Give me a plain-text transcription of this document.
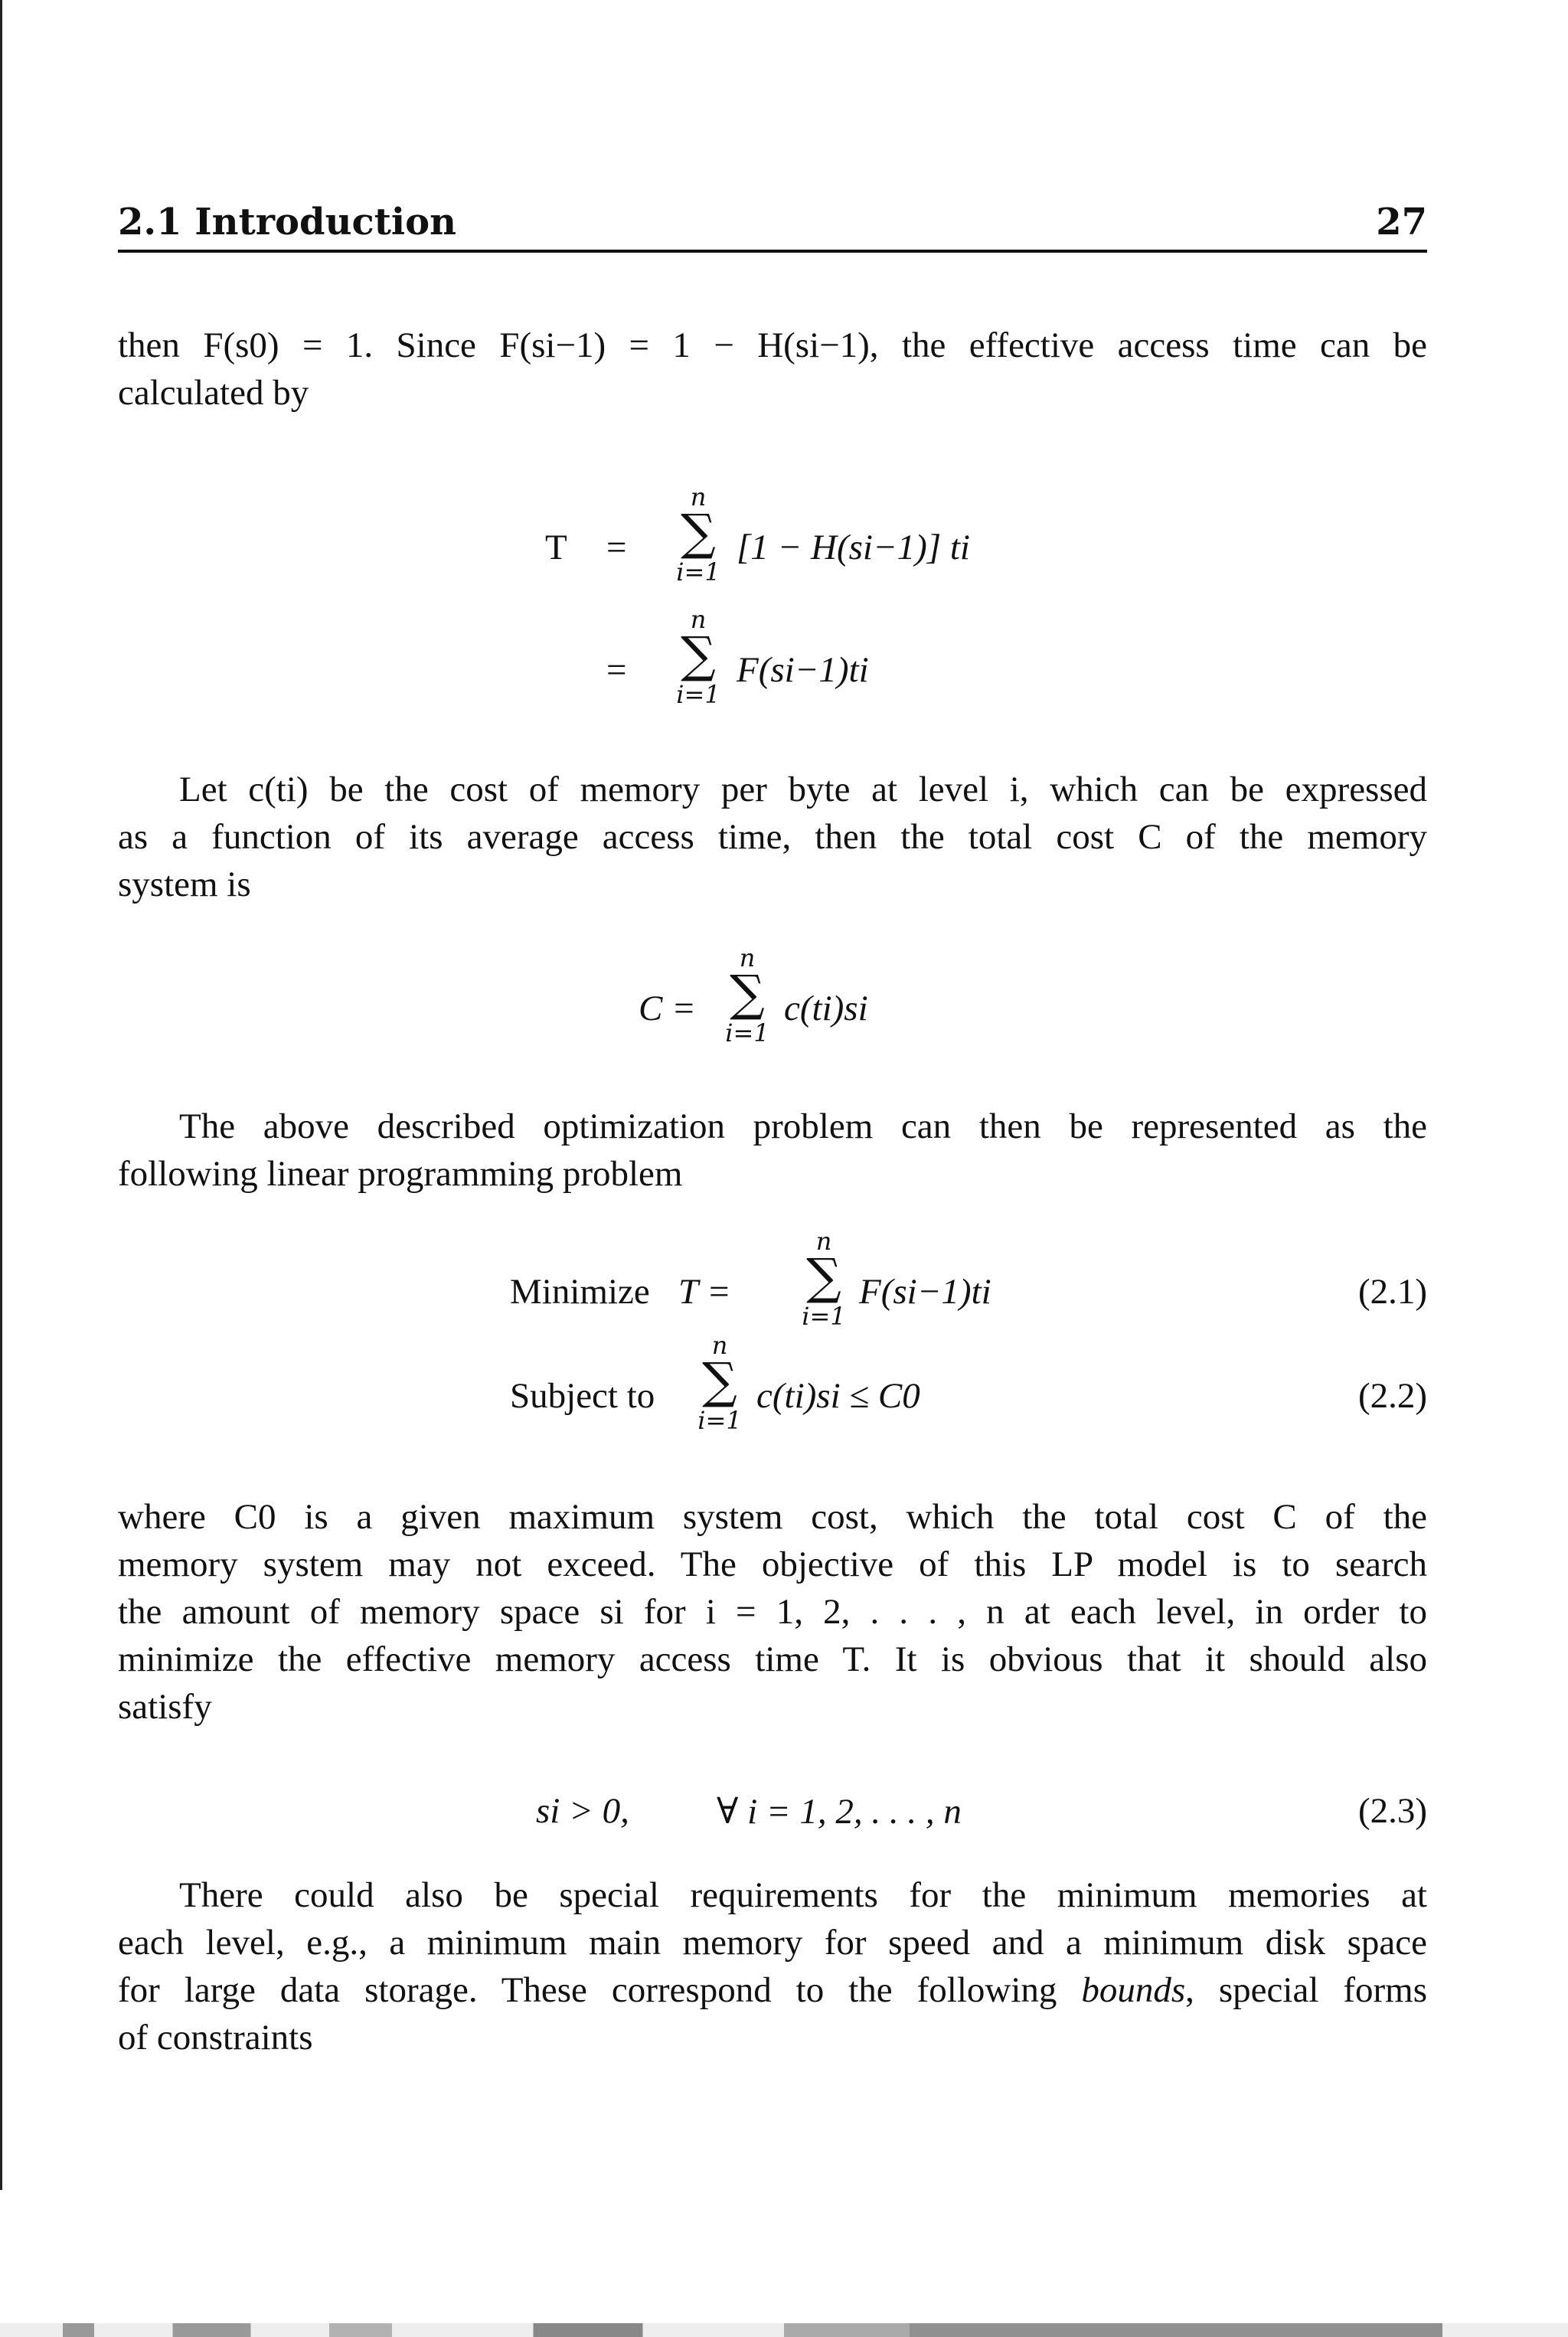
2.1 Introduction	27
then F(s0) = 1. Since F(si−1) = 1 − H(si−1), the effective access time can be
calculated by
T =
n
∑
i=1
[1 − H(si−1)] ti
=
n
∑
i=1
F(si−1)ti
Let c(ti) be the cost of memory per byte at level i, which can be expressed
as a function of its average access time, then the total cost C of the memory
system is
C =
n
∑
i=1
c(ti)si
The above described optimization problem can then be represented as the
following linear programming problem
Minimize T =
n
∑
i=1
F(si−1)ti	(2.1)
Subject to
n
∑
i=1
c(ti)si ≤ C0	(2.2)
where C0 is a given maximum system cost, which the total cost C of the
memory system may not exceed. The objective of this LP model is to search
the amount of memory space si for i = 1, 2, . . . , n at each level, in order to
minimize the effective memory access time T. It is obvious that it should also
satisfy
si > 0, ∀ i = 1, 2, . . . , n	(2.3)
There could also be special requirements for the minimum memories at
each level, e.g., a minimum main memory for speed and a minimum disk space
for large data storage. These correspond to the following bounds, special forms
of constraints
